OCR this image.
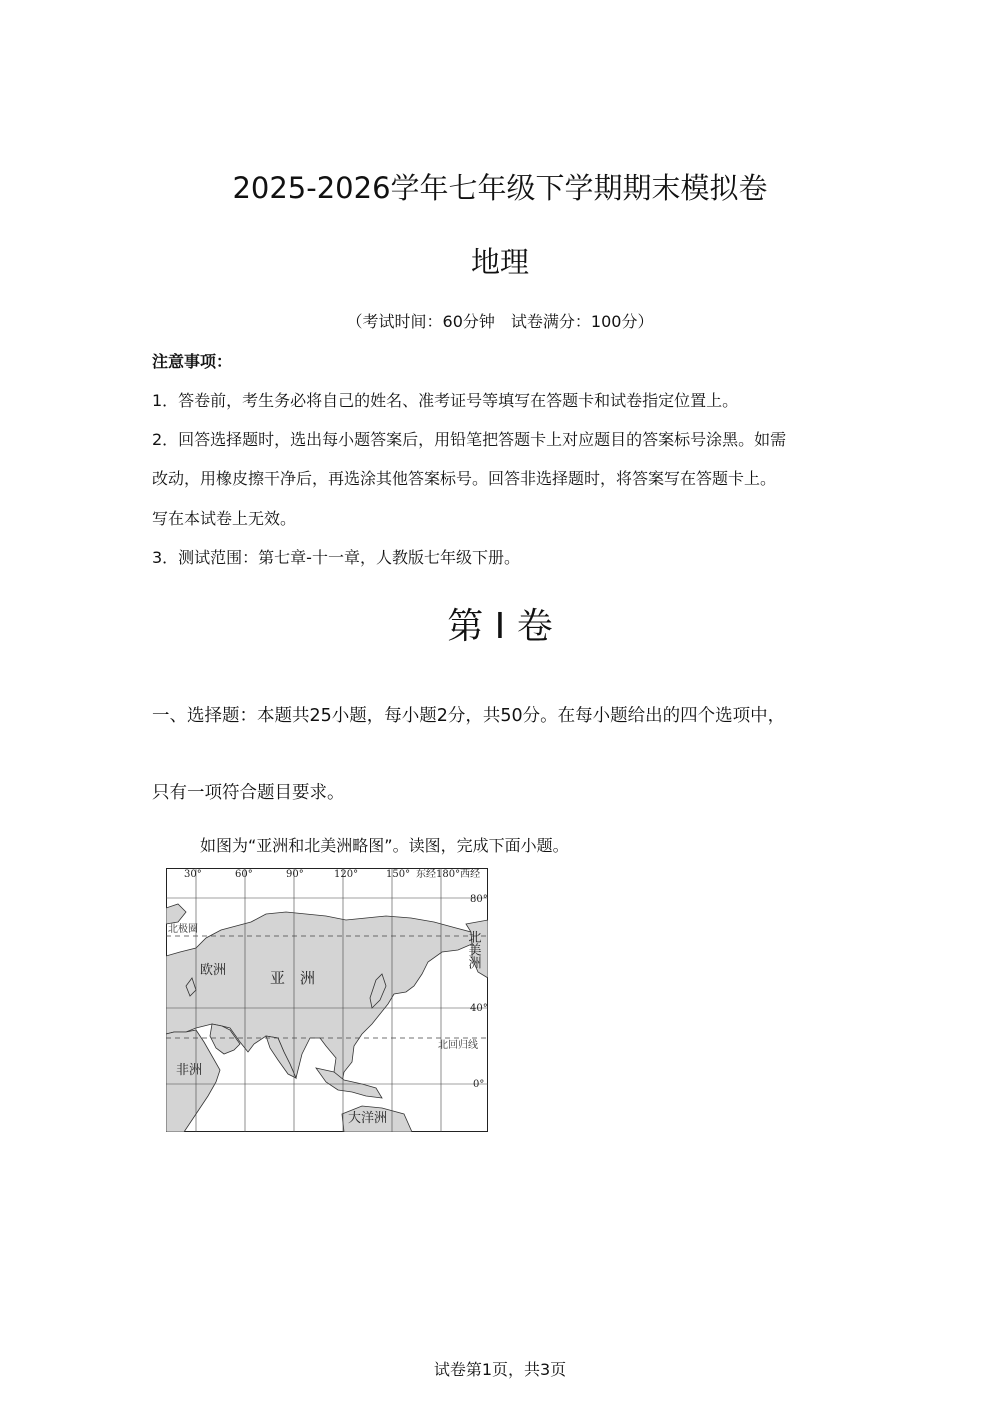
2025-2026学年七年级下学期期末模拟卷
地理
（考试时间：60分钟　试卷满分：100分）
注意事项：
1．答卷前，考生务必将自己的姓名、准考证号等填写在答题卡和试卷指定位置上。
2．回答选择题时，选出每小题答案后，用铅笔把答题卡上对应题目的答案标号涂黑。如需
改动，用橡皮擦干净后，再选涂其他答案标号。回答非选择题时，将答案写在答题卡上。
写在本试卷上无效。
3．测试范围：第七章-十一章，人教版七年级下册。
第 Ⅰ 卷
一、选择题：本题共25小题，每小题2分，共50分。在每小题给出的四个选项中，
只有一项符合题目要求。
如图为“亚洲和北美洲略图”。读图，完成下面小题。
30°	60°	90°	120°	150° 东经180°西经
80°
40°
0°
北极圈
北回归线
欧洲	亚　洲
非洲
大洋洲
北美洲
试卷第1页，共3页
